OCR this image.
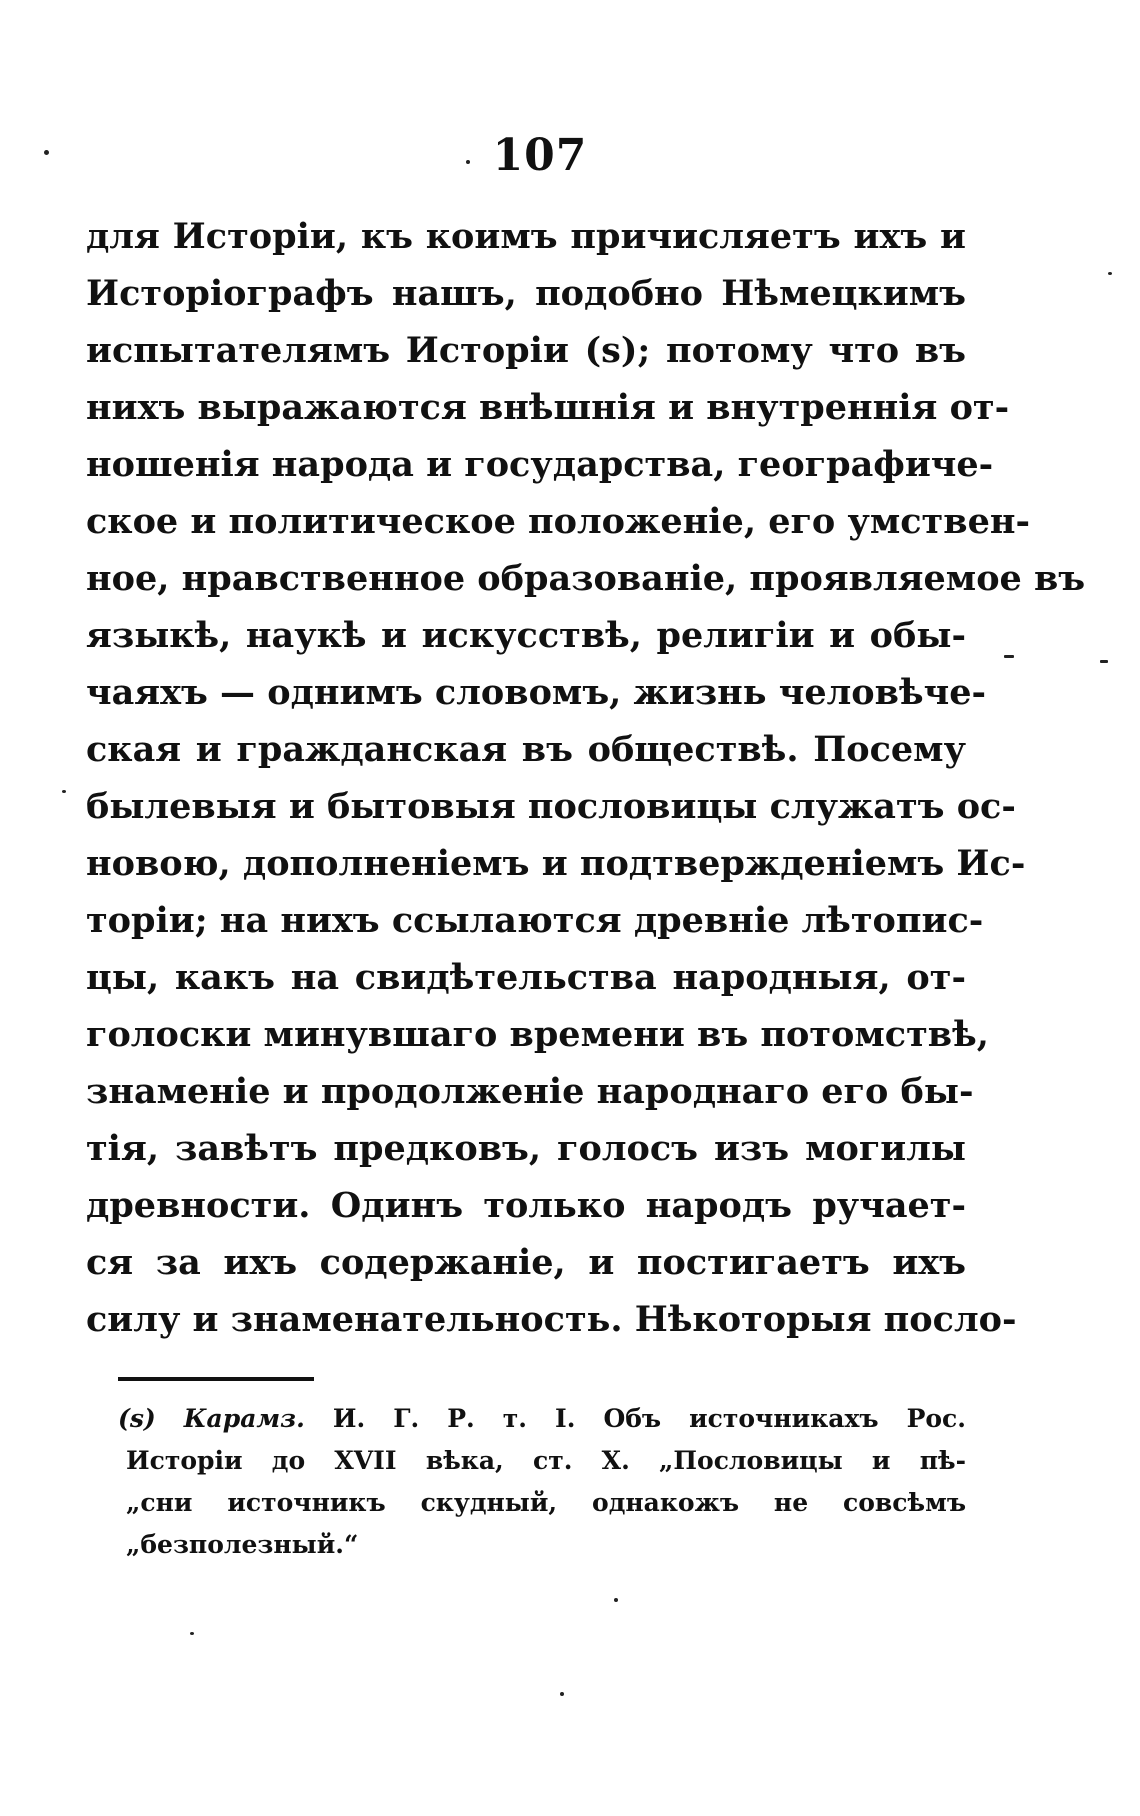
107
для Исторіи, къ коимъ причисляетъ ихъ и
Исторіографъ нашъ, подобно Нѣмецкимъ
испытателямъ Исторіи (s); потому что въ
нихъ выражаются внѣшнія и внутреннія от-
ношенія народа и государства, географиче-
ское и политическое положеніе, его умствен-
ное, нравственное образованіе, проявляемое въ
языкѣ, наукѣ и искусствѣ, религіи и обы-
чаяхъ — однимъ словомъ, жизнь человѣче-
ская и гражданская въ обществѣ. Посему
былевыя и бытовыя пословицы служатъ ос-
новою, дополненіемъ и подтвержденіемъ Ис-
торіи; на нихъ ссылаются древніе лѣтопис-
цы, какъ на свидѣтельства народныя, от-
голоски минувшаго времени въ потомствѣ,
знаменіе и продолженіе народнаго его бы-
тія, завѣтъ предковъ, голосъ изъ могилы
древности. Одинъ только народъ ручает-
ся за ихъ содержаніе, и постигаетъ ихъ
силу и знаменательность. Нѣкоторыя посло-
(s) Карамз. И. Г. Р. т. I. Объ источникахъ Рос.
Исторіи до XVII вѣка, ст. X. „Пословицы и пѣ-
„сни источникъ скудный, однакожъ не совсѣмъ
„безполезный.“
